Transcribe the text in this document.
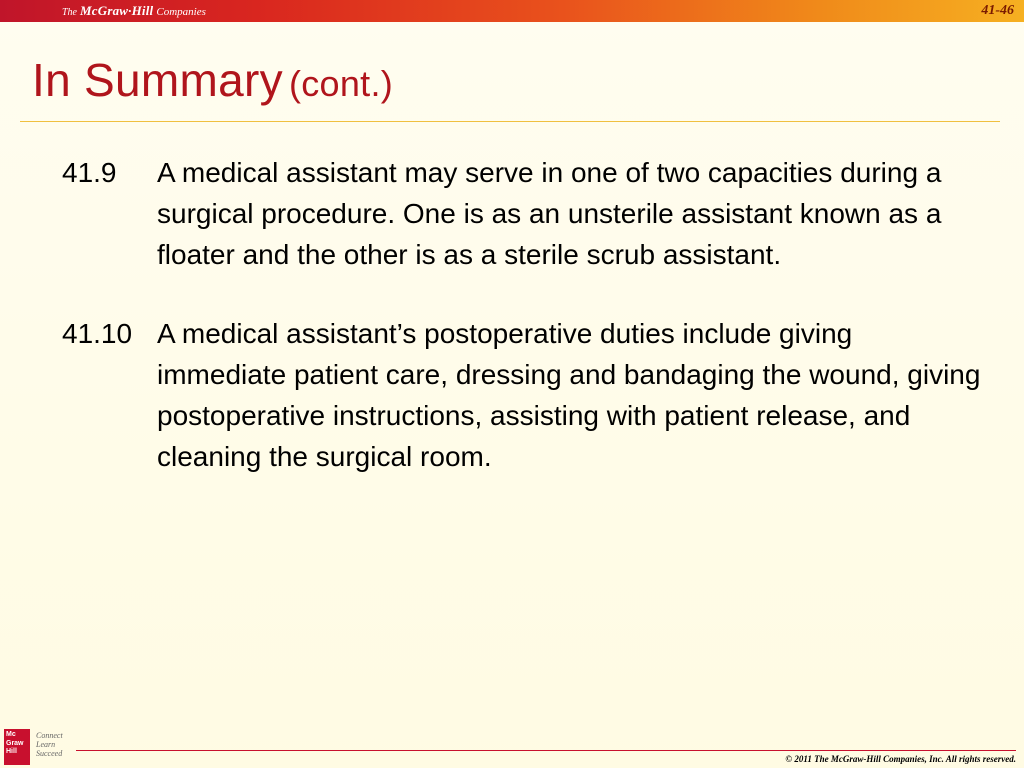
The McGraw·Hill Companies	41-46
In Summary (cont.)
41.9	A medical assistant may serve in one of two capacities during a surgical procedure. One is as an unsterile assistant known as a floater and the other is as a sterile scrub assistant.
41.10 A medical assistant’s postoperative duties include giving immediate patient care, dressing and bandaging the wound, giving postoperative instructions, assisting with patient release, and cleaning the surgical room.
Mc
Graw
Hill
Connect
Learn
Succeed
© 2011 The McGraw-Hill Companies, Inc. All rights reserved.
